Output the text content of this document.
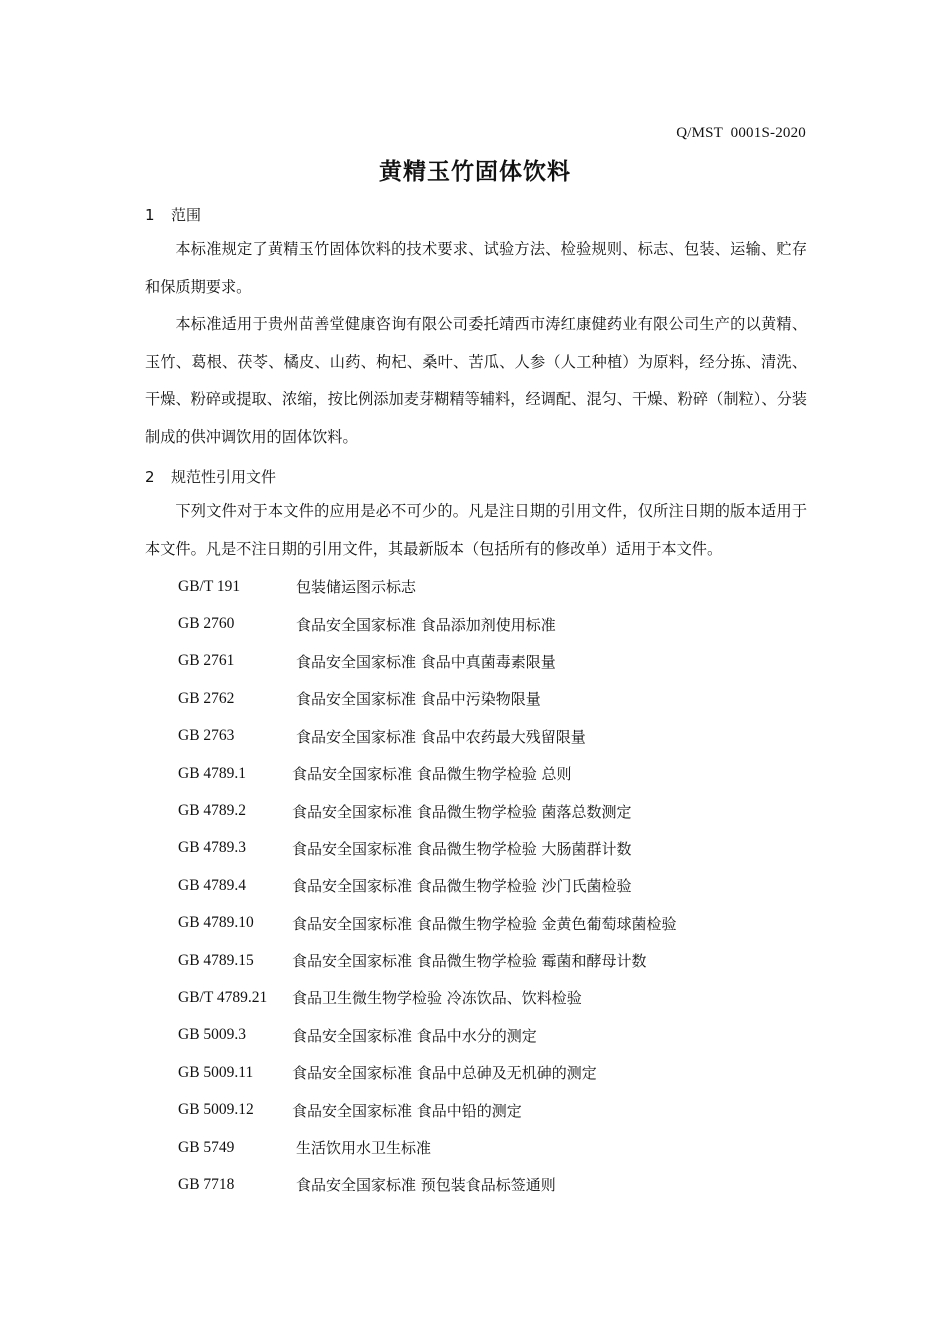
Q/MST  0001S-2020
黄精玉竹固体饮料
1	范围

本标准规定了黄精玉竹固体饮料的技术要求、试验方法、检验规则、标志、包装、运输、贮存和保质期要求。

本标准适用于贵州苗善堂健康咨询有限公司委托靖西市涛红康健药业有限公司生产的以黄精、玉竹、葛根、茯苓、橘皮、山药、枸杞、桑叶、苦瓜、人参（人工种植）为原料，经分拣、清洗、干燥、粉碎或提取、浓缩，按比例添加麦芽糊精等辅料，经调配、混匀、干燥、粉碎（制粒）、分装制成的供冲调饮用的固体饮料。

2	规范性引用文件

下列文件对于本文件的应用是必不可少的。凡是注日期的引用文件，仅所注日期的版本适用于本文件。凡是不注日期的引用文件，其最新版本（包括所有的修改单）适用于本文件。

GB/T 191	包装储运图示标志
GB 2760	食品安全国家标准 食品添加剂使用标准
GB 2761	食品安全国家标准 食品中真菌毒素限量
GB 2762	食品安全国家标准 食品中污染物限量
GB 2763	食品安全国家标准 食品中农药最大残留限量
GB 4789.1	食品安全国家标准 食品微生物学检验 总则
GB 4789.2	食品安全国家标准 食品微生物学检验 菌落总数测定
GB 4789.3	食品安全国家标准 食品微生物学检验 大肠菌群计数
GB 4789.4	食品安全国家标准 食品微生物学检验 沙门氏菌检验
GB 4789.10	食品安全国家标准 食品微生物学检验 金黄色葡萄球菌检验
GB 4789.15	食品安全国家标准 食品微生物学检验 霉菌和酵母计数
GB/T 4789.21	食品卫生微生物学检验 冷冻饮品、饮料检验
GB 5009.3	食品安全国家标准 食品中水分的测定
GB 5009.11	食品安全国家标准 食品中总砷及无机砷的测定
GB 5009.12	食品安全国家标准 食品中铅的测定
GB 5749	生活饮用水卫生标准
GB 7718	食品安全国家标准 预包装食品标签通则
